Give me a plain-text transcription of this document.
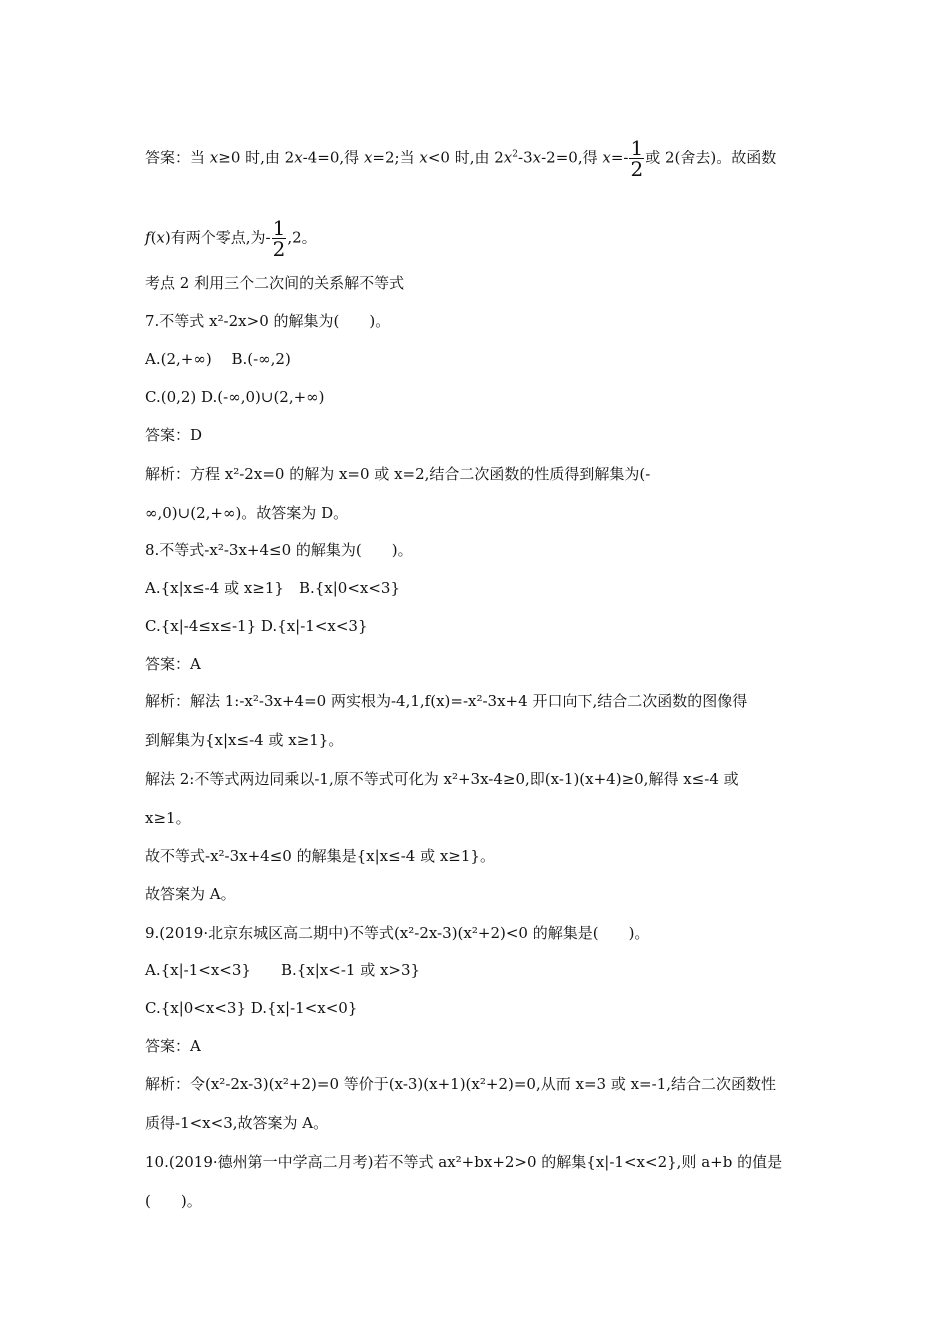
答案：当 x≥0 时,由 2x-4=0,得 x=2;当 x<0 时,由 $2x^2-3x-2=0$,得 $x=- \frac{1}{2}$ 或 2(舍去)。故函数
f(x)有两个零点,为- $\frac{1}{2} ,2$。
考点 2 利用三个二次间的关系解不等式
7.不等式 x²-2x>0 的解集为(　　)。
A.(2,+∞)　 B.(-∞,2)
C.(0,2) D.(-∞,0)∪(2,+∞)
答案：D
解析：方程 x²-2x=0 的解为 x=0 或 x=2,结合二次函数的性质得到解集为(-
∞,0)∪(2,+∞)。故答案为 D。
8.不等式-x²-3x+4≤0 的解集为(　　)。
A.{x|x≤-4 或 x≥1}　B.{x|0<x<3}
C.{x|-4≤x≤-1} D.{x|-1<x<3}
答案：A
解析：解法 1:-x²-3x+4=0 两实根为-4,1,f(x)=-x²-3x+4 开口向下,结合二次函数的图像得
到解集为{x|x≤-4 或 x≥1}。
解法 2:不等式两边同乘以-1,原不等式可化为 x²+3x-4≥0,即(x-1)(x+4)≥0,解得 x≤-4 或
x≥1。
故不等式-x²-3x+4≤0 的解集是{x|x≤-4 或 x≥1}。
故答案为 A。
9.(2019·北京东城区高二期中)不等式(x²-2x-3)(x²+2)<0 的解集是(　　)。
A.{x|-1<x<3}　　B.{x|x<-1 或 x>3}
C.{x|0<x<3} D.{x|-1<x<0}
答案：A
解析：令(x²-2x-3)(x²+2)=0 等价于(x-3)(x+1)(x²+2)=0,从而 x=3 或 x=-1,结合二次函数性
质得-1<x<3,故答案为 A。
10.(2019·德州第一中学高二月考)若不等式 ax²+bx+2>0 的解集{x|-1<x<2},则 a+b 的值是
(　　)。
